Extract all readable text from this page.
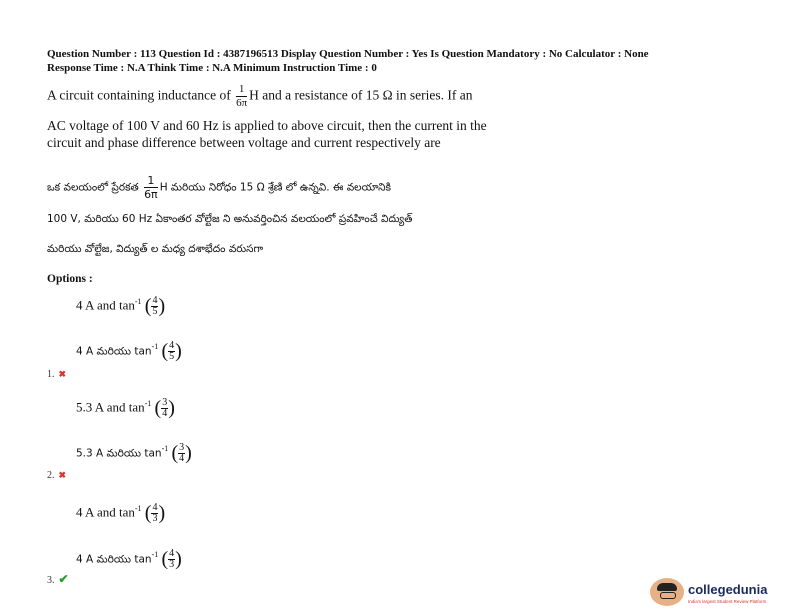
Question Number : 113 Question Id : 4387196513 Display Question Number : Yes Is Question Mandatory : No Calculator : None
Response Time : N.A Think Time : N.A Minimum Instruction Time : 0
A circuit containing inductance of $\frac{1}{6\pi}$ H and a resistance of 15 Ω in series. If an
AC voltage of 100 V and 60 Hz is applied to above circuit, then the current in the
circuit and phase difference between voltage and current respectively are
ఒక వలయంలో ప్రేరకత $\frac{1}{6\pi}$ H మరియు నిరోధం 15 Ω శ్రేణి లో ఉన్నవి. ఈ వలయానికి
100 V, మరియు 60 Hz ఏకాంతర వోల్టేజ ని అనువర్తించిన వలయంలో ప్రవహించే విద్యుత్
మరియు వోల్టేజ, విద్యుత్ ల మధ్య దశాభేదం వరుసగా
Options :
4 A and $\tan^{-1}$ ( $\frac{4}{5}$ )
4 A మరియు $\tan^{-1}$ ( $\frac{4}{5}$ )
1. ✖
5.3 A and $\tan^{-1}$ ( $\frac{3}{4}$ )
5.3 A మరియు $\tan^{-1}$ ( $\frac{3}{4}$ )
2. ✖
4 A and $\tan^{-1}$ ( $\frac{4}{3}$ )
4 A మరియు $\tan^{-1}$ ( $\frac{4}{3}$ )
3. ✔
collegedunia
India's largest Student Review Platform
